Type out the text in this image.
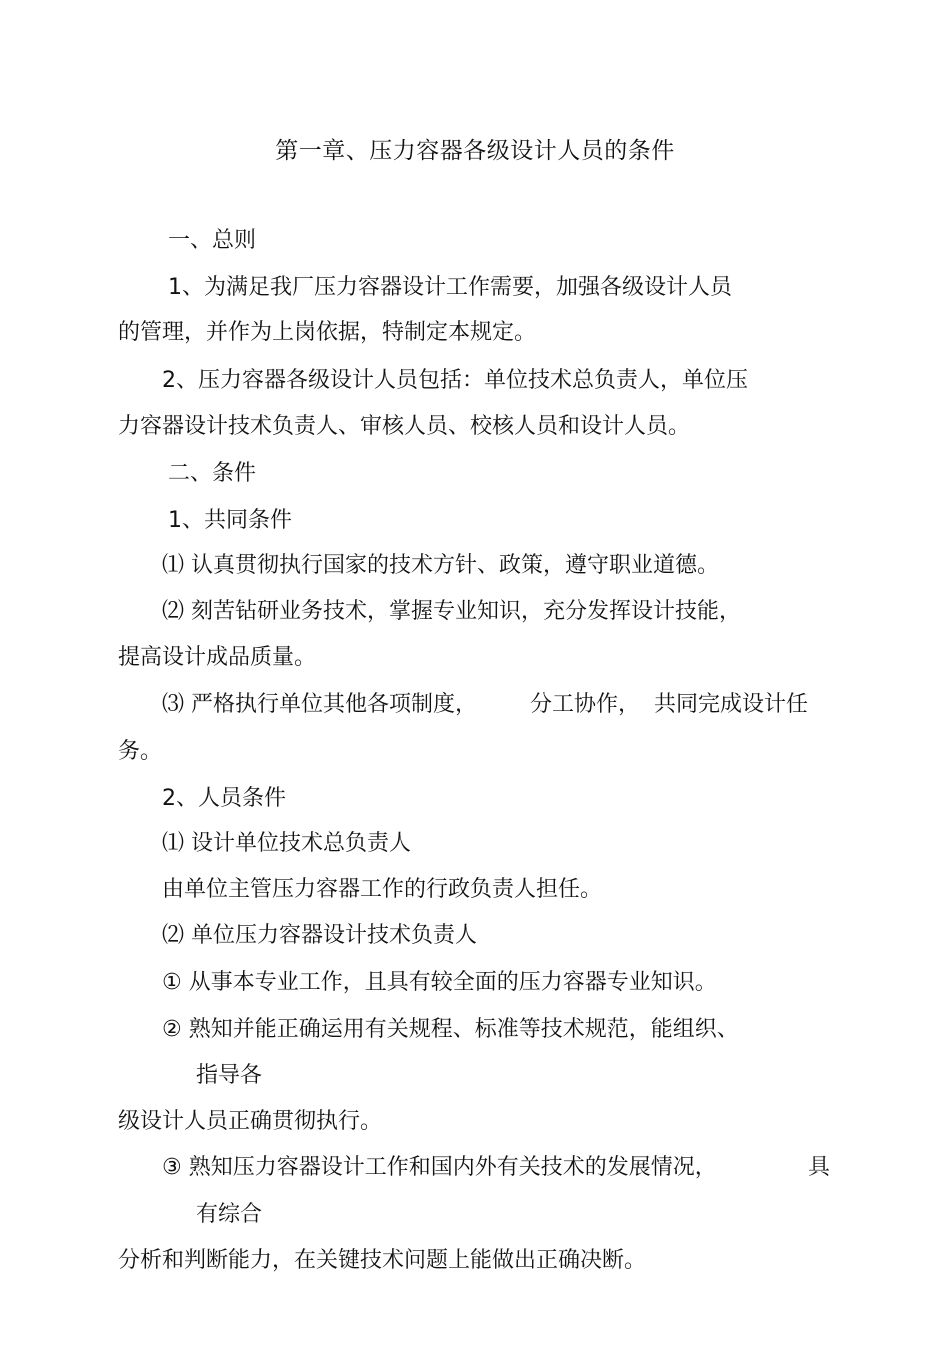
第一章、压力容器各级设计人员的条件
一、总则
1、为满足我厂压力容器设计工作需要，加强各级设计人员
的管理，并作为上岗依据，特制定本规定。
2、压力容器各级设计人员包括：单位技术总负责人，单位压
力容器设计技术负责人、审核人员、校核人员和设计人员。
二、条件
1、共同条件
⑴ 认真贯彻执行国家的技术方针、政策，遵守职业道德。
⑵ 刻苦钻研业务技术，掌握专业知识，充分发挥设计技能，
提高设计成品质量。
⑶ 严格执行单位其他各项制度， 分工协作， 共同完成设计任
务。
2、人员条件
⑴ 设计单位技术总负责人
由单位主管压力容器工作的行政负责人担任。
⑵ 单位压力容器设计技术负责人
① 从事本专业工作，且具有较全面的压力容器专业知识。
② 熟知并能正确运用有关规程、标准等技术规范，能组织、
指导各
级设计人员正确贯彻执行。
③ 熟知压力容器设计工作和国内外有关技术的发展情况，	具
有综合
分析和判断能力，在关键技术问题上能做出正确决断。
